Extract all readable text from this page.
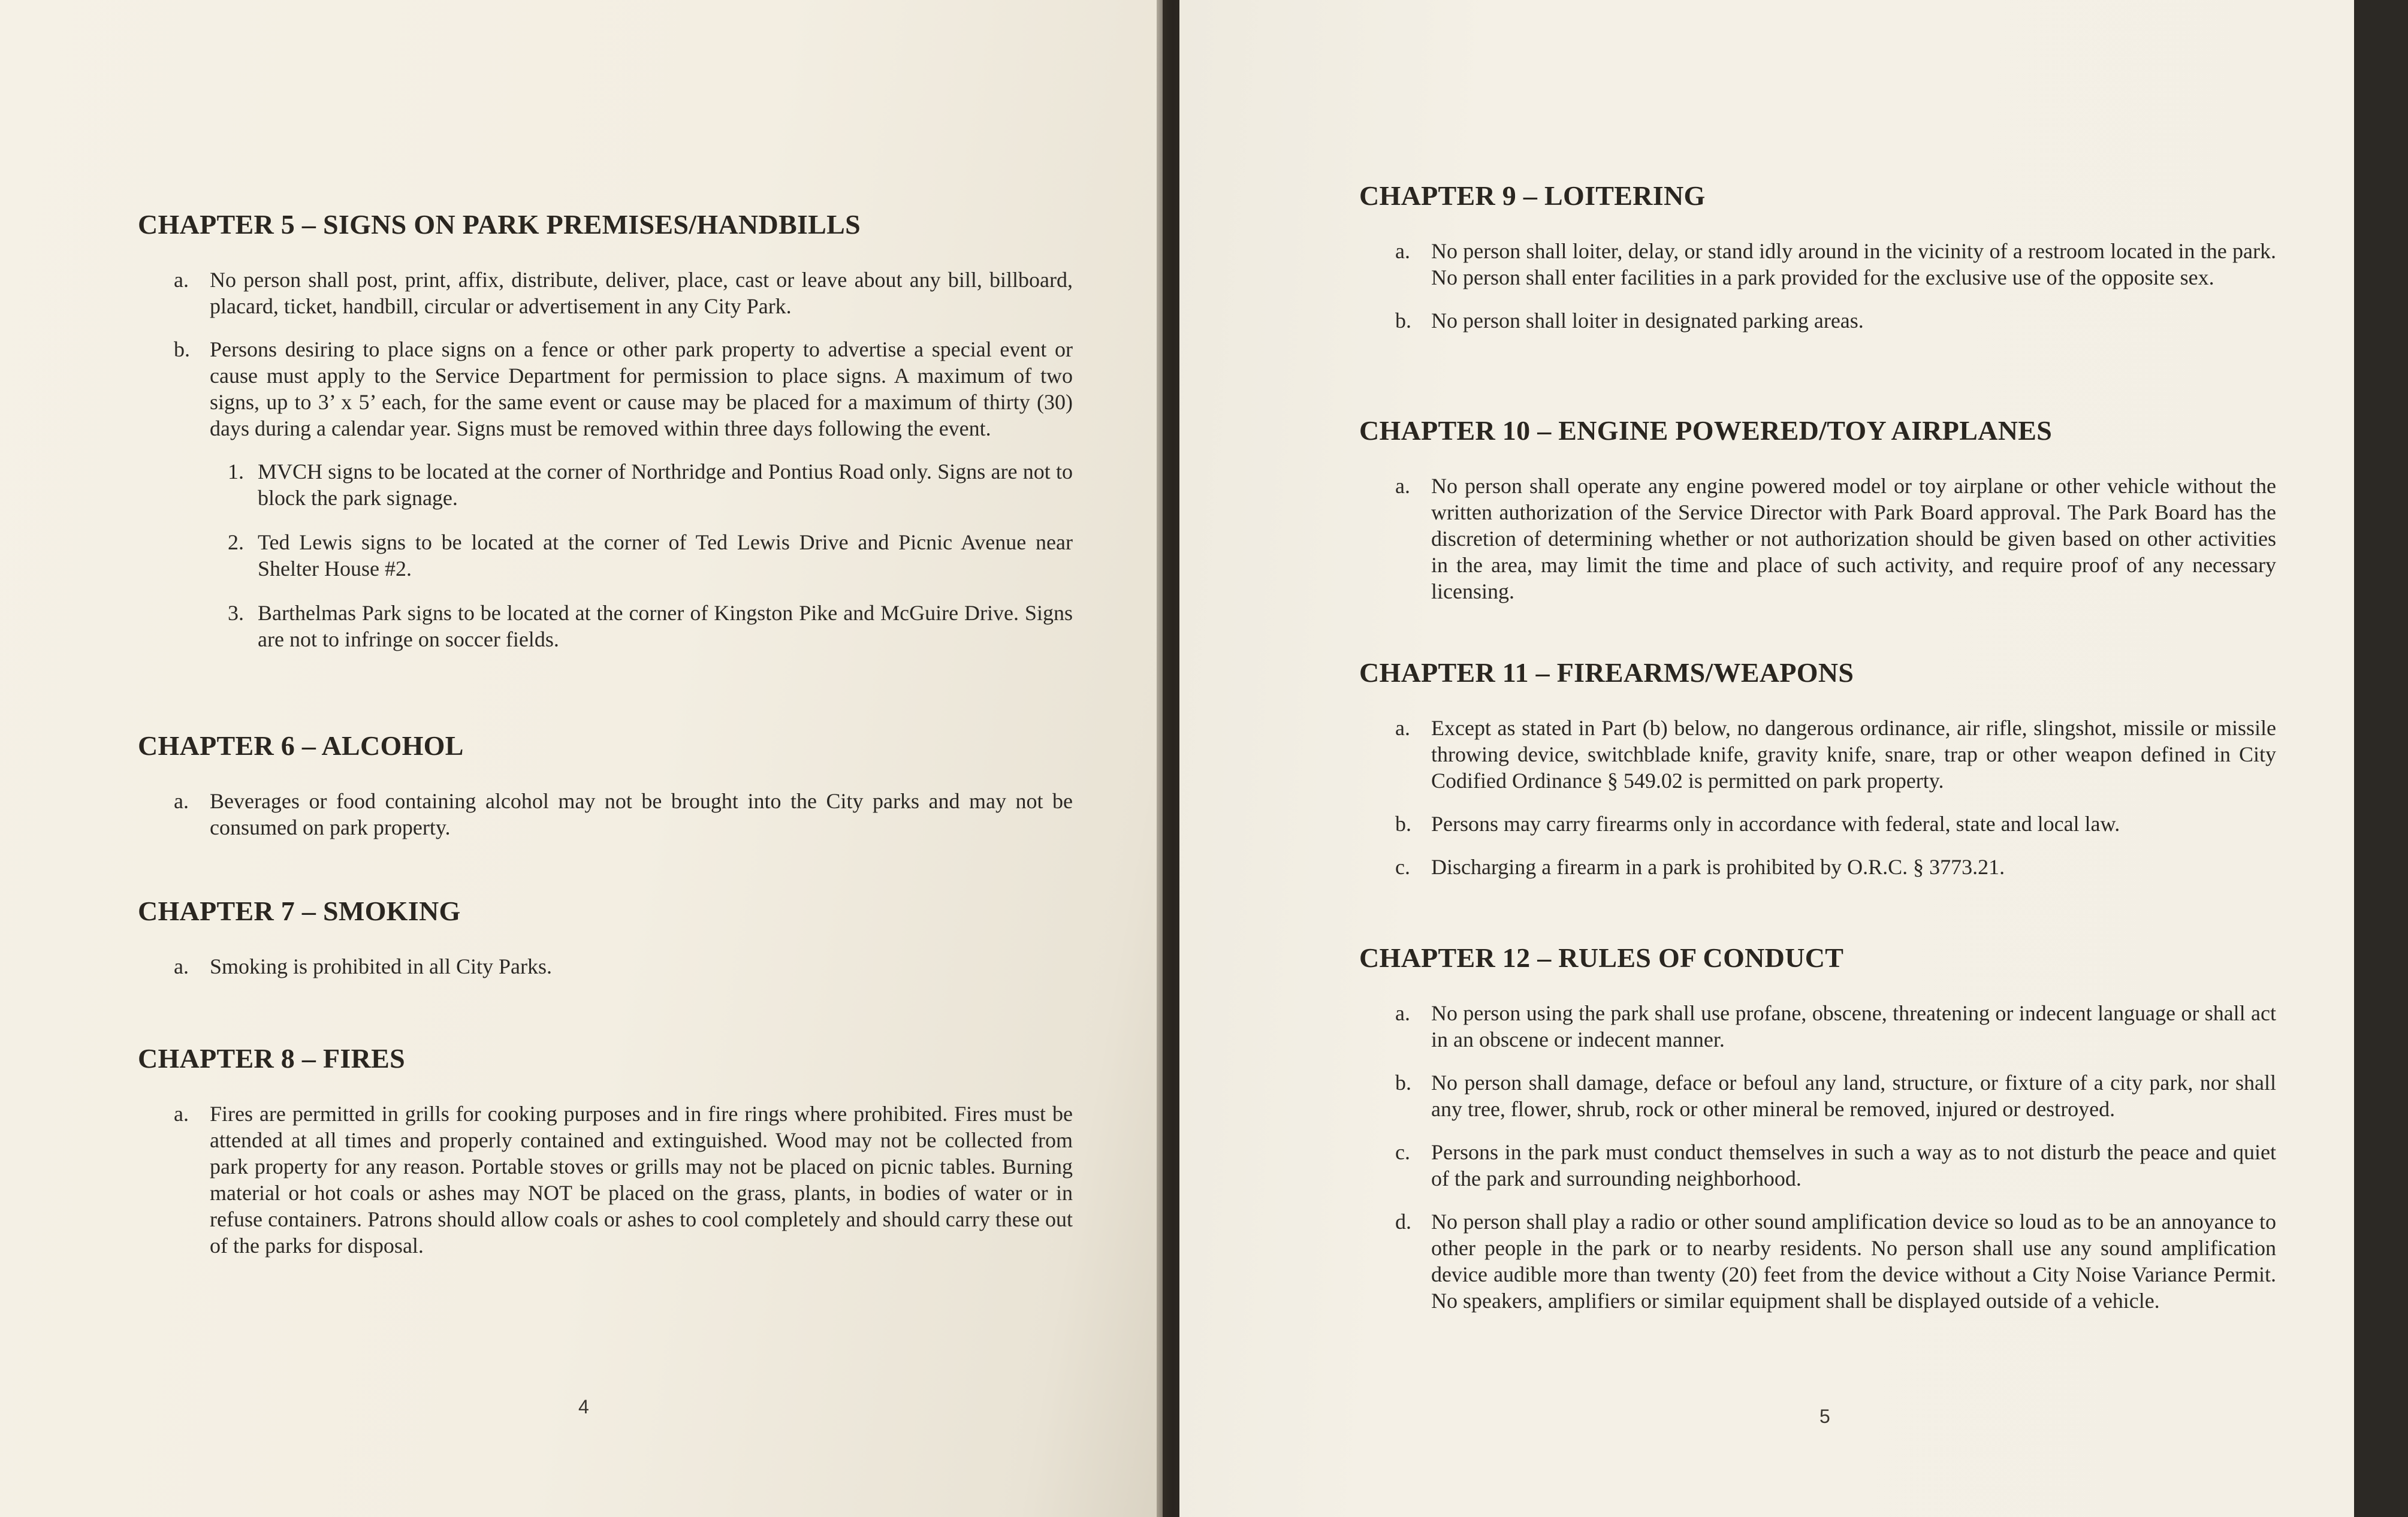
CHAPTER 5 – SIGNS ON PARK PREMISES/HANDBILLS
a. No person shall post, print, affix, distribute, deliver, place, cast or leave about any bill, billboard, placard, ticket, handbill, circular or advertisement in any City Park.
b. Persons desiring to place signs on a fence or other park property to advertise a special event or cause must apply to the Service Department for permission to place signs. A maximum of two signs, up to 3’ x 5’ each, for the same event or cause may be placed for a maximum of thirty (30) days during a calendar year. Signs must be removed within three days following the event.
1. MVCH signs to be located at the corner of Northridge and Pontius Road only. Signs are not to block the park signage.
2. Ted Lewis signs to be located at the corner of Ted Lewis Drive and Picnic Avenue near Shelter House #2.
3. Barthelmas Park signs to be located at the corner of Kingston Pike and McGuire Drive. Signs are not to infringe on soccer fields.
CHAPTER 6 – ALCOHOL
a. Beverages or food containing alcohol may not be brought into the City parks and may not be consumed on park property.
CHAPTER 7 – SMOKING
a. Smoking is prohibited in all City Parks.
CHAPTER 8 – FIRES
a. Fires are permitted in grills for cooking purposes and in fire rings where prohibited. Fires must be attended at all times and properly contained and extinguished. Wood may not be collected from park property for any reason. Portable stoves or grills may not be placed on picnic tables. Burning material or hot coals or ashes may NOT be placed on the grass, plants, in bodies of water or in refuse containers. Patrons should allow coals or ashes to cool completely and should carry these out of the parks for disposal.
4
CHAPTER 9 – LOITERING
a. No person shall loiter, delay, or stand idly around in the vicinity of a restroom located in the park. No person shall enter facilities in a park provided for the exclusive use of the opposite sex.
b. No person shall loiter in designated parking areas.
CHAPTER 10 – ENGINE POWERED/TOY AIRPLANES
a. No person shall operate any engine powered model or toy airplane or other vehicle without the written authorization of the Service Director with Park Board approval. The Park Board has the discretion of determining whether or not authorization should be given based on other activities in the area, may limit the time and place of such activity, and require proof of any necessary licensing.
CHAPTER 11 – FIREARMS/WEAPONS
a. Except as stated in Part (b) below, no dangerous ordinance, air rifle, slingshot, missile or missile throwing device, switchblade knife, gravity knife, snare, trap or other weapon defined in City Codified Ordinance § 549.02 is permitted on park property.
b. Persons may carry firearms only in accordance with federal, state and local law.
c. Discharging a firearm in a park is prohibited by O.R.C. § 3773.21.
CHAPTER 12 – RULES OF CONDUCT
a. No person using the park shall use profane, obscene, threatening or indecent language or shall act in an obscene or indecent manner.
b. No person shall damage, deface or befoul any land, structure, or fixture of a city park, nor shall any tree, flower, shrub, rock or other mineral be removed, injured or destroyed.
c. Persons in the park must conduct themselves in such a way as to not disturb the peace and quiet of the park and surrounding neighborhood.
d. No person shall play a radio or other sound amplification device so loud as to be an annoyance to other people in the park or to nearby residents. No person shall use any sound amplification device audible more than twenty (20) feet from the device without a City Noise Variance Permit. No speakers, amplifiers or similar equipment shall be displayed outside of a vehicle.
5
